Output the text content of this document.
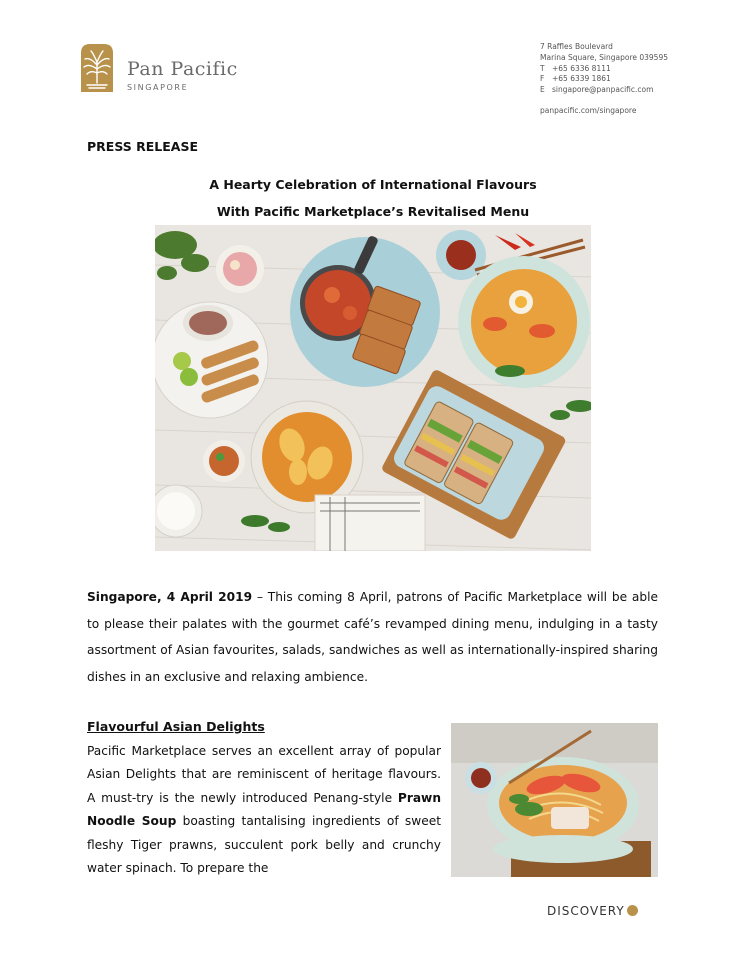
Pan Pacific
SINGAPORE
7 Raffles Boulevard
Marina Square, Singapore 039595
T +65 6336 8111
F +65 6339 1861
E singapore@panpacific.com
panpacific.com/singapore
PRESS RELEASE
A Hearty Celebration of International Flavours
With Pacific Marketplace’s Revitalised Menu
Singapore, 4 April 2019 – This coming 8 April, patrons of Pacific Marketplace will be able to please their palates with the gourmet café’s revamped dining menu, indulging in a tasty assortment of Asian favourites, salads, sandwiches as well as internationally-inspired sharing dishes in an exclusive and relaxing ambience.
Flavourful Asian Delights
Pacific Marketplace serves an excellent array of popular Asian Delights that are reminiscent of heritage flavours. A must-try is the newly introduced Penang-style Prawn Noodle Soup boasting tantalising ingredients of sweet fleshy Tiger prawns, succulent pork belly and crunchy water spinach. To prepare the
DISCOVERY
